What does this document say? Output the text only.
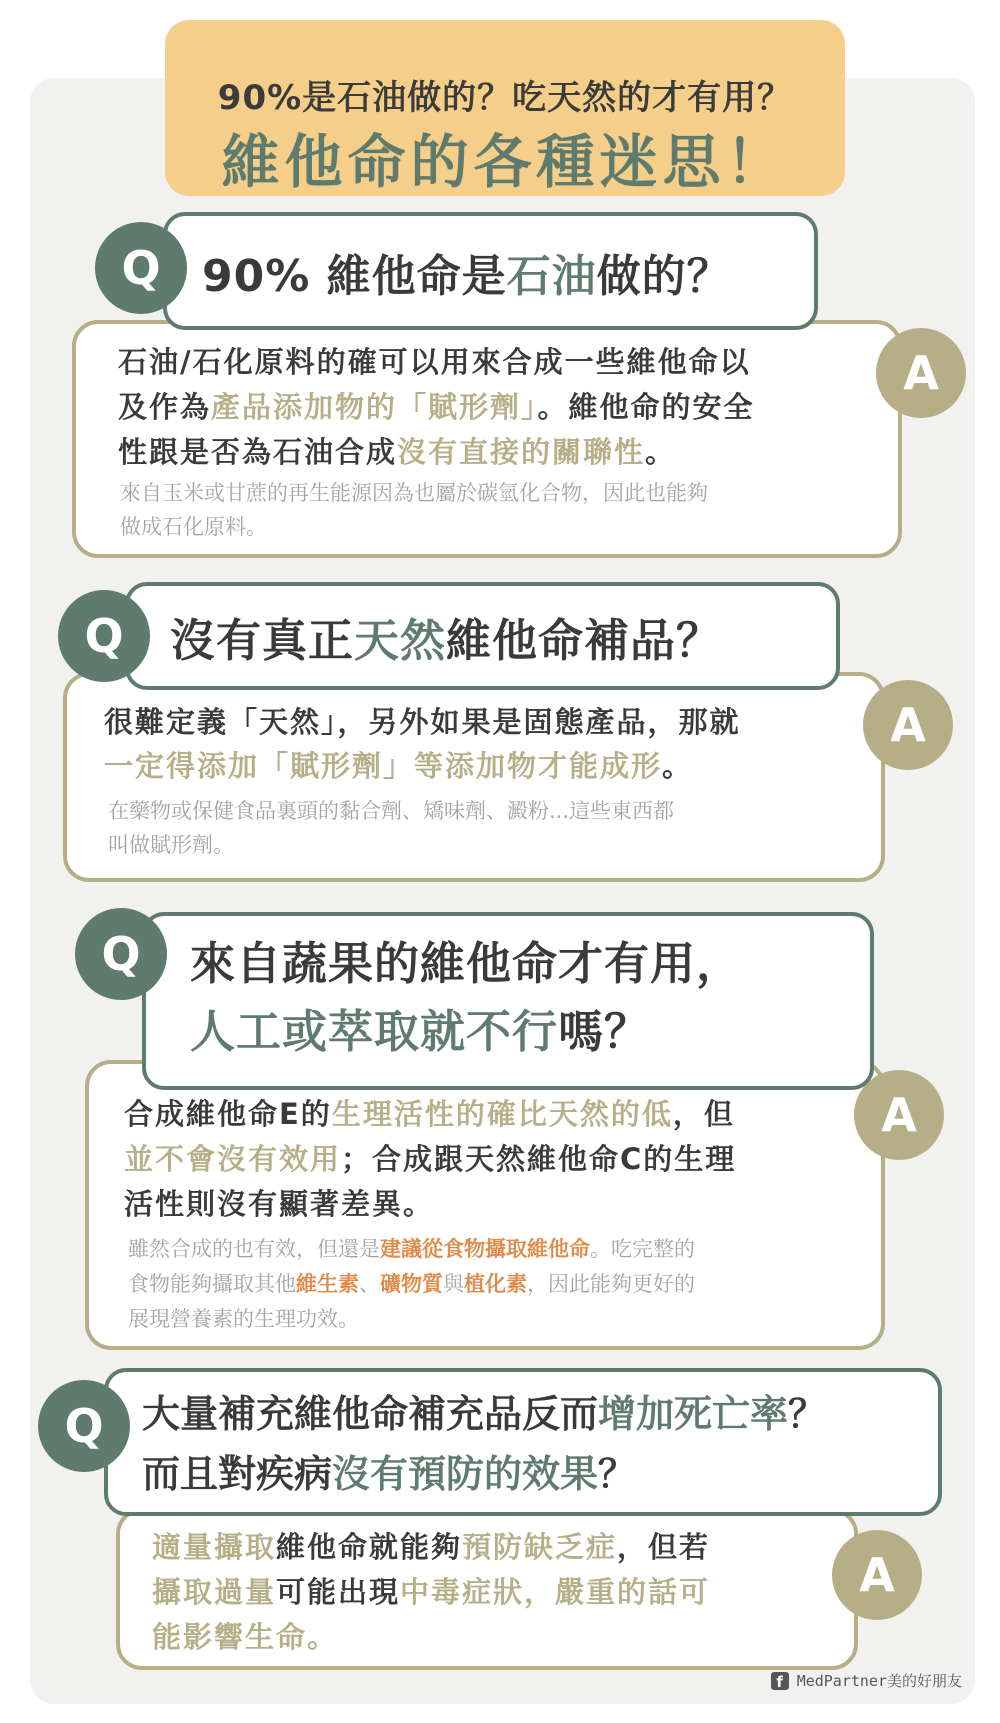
90%是石油做的？吃天然的才有用？
維他命的各種迷思！
石油/石化原料的確可以用來合成一些維他命以
及作為產品添加物的「賦形劑」。維他命的安全
性跟是否為石油合成沒有直接的關聯性。
來自玉米或甘蔗的再生能源因為也屬於碳氫化合物，因此也能夠
做成石化原料。
A
90% 維他命是石油做的？
Q
很難定義「天然」，另外如果是固態產品，那就
一定得添加「賦形劑」等添加物才能成形。
在藥物或保健食品裏頭的黏合劑、矯味劑、澱粉...這些東西都
叫做賦形劑。
A
沒有真正天然維他命補品？
Q
合成維他命E的生理活性的確比天然的低，但
並不會沒有效用；合成跟天然維他命C的生理
活性則沒有顯著差異。
雖然合成的也有效，但還是建議從食物攝取維他命。吃完整的
食物能夠攝取其他維生素、礦物質與植化素，因此能夠更好的
展現營養素的生理功效。
A
來自蔬果的維他命才有用，
人工或萃取就不行嗎？
Q
適量攝取維他命就能夠預防缺乏症，但若
攝取過量可能出現中毒症狀，嚴重的話可
能影響生命。
A
大量補充維他命補充品反而增加死亡率？
而且對疾病沒有預防的效果？
Q
f MedPartner美的好朋友
